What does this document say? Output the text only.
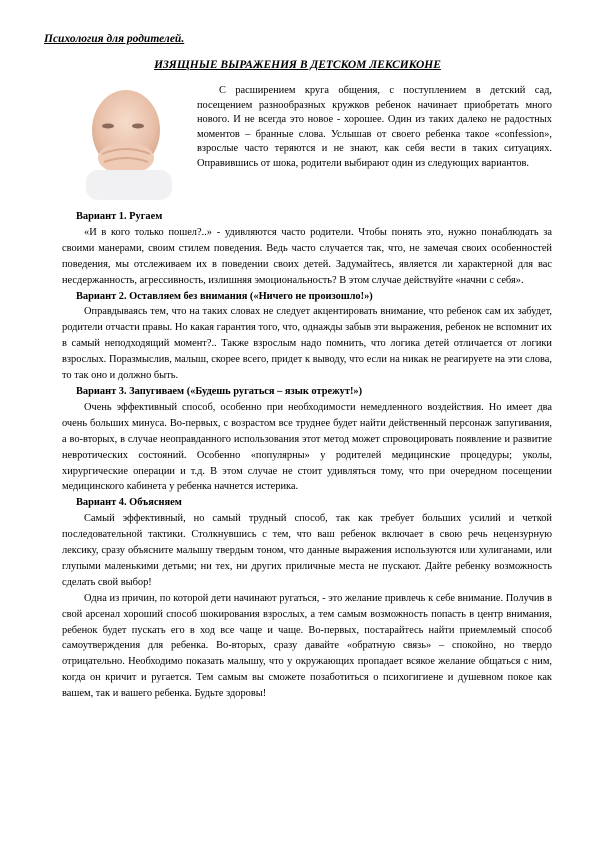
Психология для родителей.
ИЗЯЩНЫЕ ВЫРАЖЕНИЯ В ДЕТСКОМ ЛЕКСИКОНЕ

С расширением круга общения, с поступлением в детский сад, посещением разнообразных кружков ребенок начинает приобретать много нового. И не всегда это новое - хорошее. Один из таких далеко не радостных моментов – бранные слова. Услышав от своего ребенка такое «confession», взрослые часто теряются и не знают, как себя вести в таких ситуациях. Оправившись от шока, родители выбирают один из следующих вариантов.

Вариант 1. Ругаем

«И в кого только пошел?..» - удивляются часто родители. Чтобы понять это, нужно понаблюдать за своими манерами, своим стилем поведения. Ведь часто случается так, что, не замечая своих особенностей поведения, мы отслеживаем их в поведении своих детей. Задумайтесь, является ли характерной для вас несдержанность, агрессивность, излишняя эмоциональность? В этом случае действуйте «начни с себя».

Вариант 2. Оставляем без внимания («Ничего не произошло!»)

Оправдываясь тем, что на таких словах не следует акцентировать внимание, что ребенок сам их забудет, родители отчасти правы. Но какая гарантия того, что, однажды забыв эти выражения, ребенок не вспомнит их в самый неподходящий момент?.. Также взрослым надо помнить, что логика детей отличается от логики взрослых. Поразмыслив, малыш, скорее всего, придет к выводу, что если на никак не реагируете на эти слова, то так оно и должно быть.

Вариант 3. Запугиваем («Будешь ругаться – язык отрежут!»)

Очень эффективный способ, особенно при необходимости немедленного воздействия. Но имеет два очень больших минуса. Во-первых, с возрастом все труднее будет найти действенный персонаж запугивания, а во-вторых, в случае неоправданного использования этот метод может спровоцировать появление и развитие невротических состояний. Особенно «популярны» у родителей медицинские процедуры; уколы, хирургические операции и т.д. В этом случае не стоит удивляться тому, что при очередном посещении медицинского кабинета у ребенка начнется истерика.

Вариант 4. Объясняем

Самый эффективный, но самый трудный способ, так как требует больших усилий и четкой последовательной тактики. Столкнувшись с тем, что ваш ребенок включает в свою речь нецензурную лексику, сразу объясните малышу твердым тоном, что данные выражения используются или хулиганами, или глупыми маленькими детьми; ни тех, ни других приличные места не пускают. Дайте ребенку возможность сделать свой выбор!

Одна из причин, по которой дети начинают ругаться, - это желание привлечь к себе внимание. Получив в свой арсенал хороший способ шокирования взрослых, а тем самым возможность попасть в центр внимания, ребенок будет пускать его в ход все чаще и чаще. Во-первых, постарайтесь найти приемлемый способ самоутверждения для ребенка. Во-вторых, сразу давайте «обратную связь» – спокойно, но твердо отрицательно. Необходимо показать малышу, что у окружающих пропадает всякое желание общаться с ним, когда он кричит и ругается. Тем самым вы сможете позаботиться о психогигиене и душевном покое как вашем, так и вашего ребенка. Будьте здоровы!
